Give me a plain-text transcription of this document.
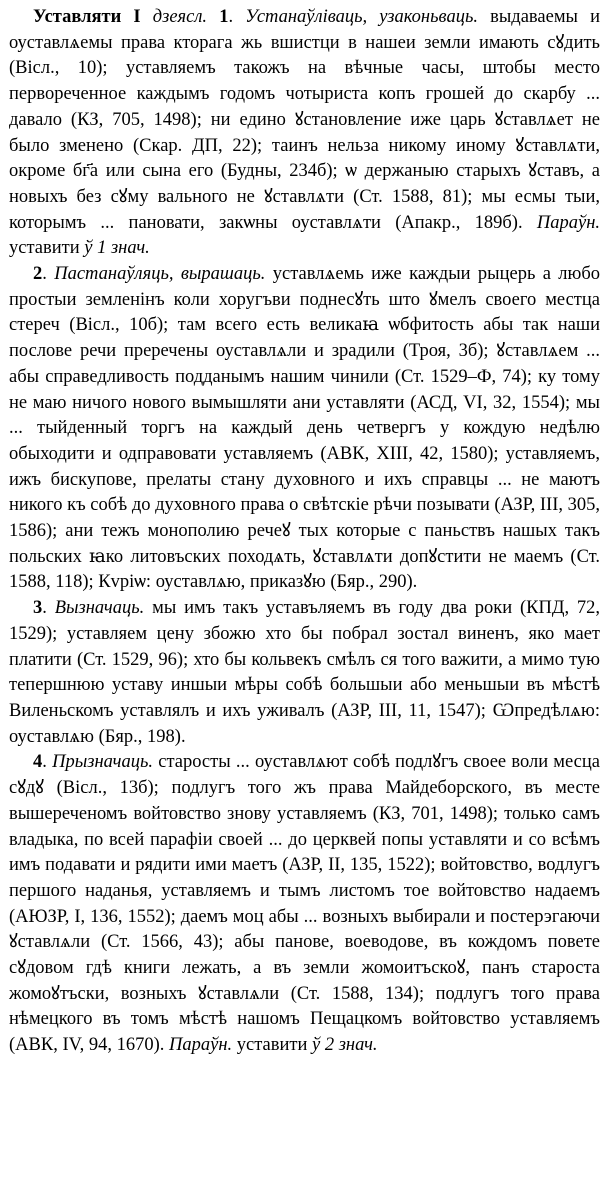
Уставляти I дзеясл. 1. Устанаўліваць, узаконьваць. выдаваемы и оуставлѧемы права кторага жь вшистци в нашеи земли имають сꙋдить (Вісл., 10); уставляемъ такожъ на вѣчные часы, штобы место первореченное каждымъ годомъ чотыриста копъ грошей до скарбу ... давало (КЗ, 705, 1498); ни едино ꙋстановление иже царь ꙋставлѧет не было зменено (Скар. ДП, 22); таинъ нельза никому иному ꙋставлѧти, окроме бг҃а или сына его (Будны, 234б); ѡ держаныю старыхъ ꙋставъ, а новыхъ без сꙋму вального не ꙋставлѧти (Ст. 1588, 81); мы есмы тыи, которымъ ... пановати, закѡны оуставлѧти (Апакр., 189б). Параўн. уставити ў 1 знач.

2. Пастанаўляць, вырашаць. уставлѧемь иже каждыи рыцерь а любо простыи земленінъ коли хоругъви поднесꙋть што ꙋмелъ своего местца стереч (Вісл., 10б); там всего есть великаꙗ ѡбфитость абы так наши послове речи преречены оуставлѧли и зрадили (Троя, 3б); ꙋставлѧем ... абы справедливость подданымъ нашим чинили (Ст. 1529–Ф, 74); ку тому не маю ничого нового вымышляти ани уставляти (АСД, VI, 32, 1554); мы ... тыйденный торгъ на каждый день четвергъ у кождую недѣлю обыходити и одправовати уставляемъ (АВК, XIII, 42, 1580); уставляемъ, ижъ бискупове, прелаты стану духовного и ихъ справцы ... не маютъ никого къ собѣ до духовного права о свѣтскіе рѣчи позывати (АЗР, III, 305, 1586); ани тежъ монополию речеꙋ тых которые с паньствъ нашых такъ польских ꙗко литовъских походѧть, ꙋставлѧти допꙋстити не маемъ (Ст. 1588, 118); Кvріѡ: оуставлѧю, приказꙋю (Бяр., 290).

3. Вызначаць. мы имъ такъ уставъляемъ въ году два роки (КПД, 72, 1529); уставляем цену збожю хто бы побрал зостал виненъ, яко мает платити (Ст. 1529, 96); хто бы кольвекъ смѣлъ ся того важити, а мимо тую тепершнюю уставу иншыи мѣры собѣ большыи або меньшыи въ мѣстѣ Виленьскомъ уставлялъ и ихъ уживалъ (АЗР, III, 11, 1547); Ѡпредѣлѧю: оуставлѧю (Бяр., 198).

4. Прызначаць. старосты ... оуставлѧют собѣ подлꙋгъ своее воли месца сꙋдꙋ (Вісл., 13б); подлугъ того жъ права Майдеборского, въ месте вышереченомъ войтовство знову уставляемъ (КЗ, 701, 1498); только самъ владыка, по всей парафіи своей ... до церквей попы уставляти и со всѣмъ имъ подавати и рядити ими маетъ (АЗР, II, 135, 1522); войтовство, водлугъ першого наданья, уставляемъ и тымъ листомъ тое войтовство надаемъ (АЮЗР, I, 136, 1552); даемъ моц абы ... возныхъ выбирали и постерэгаючи ꙋставлѧли (Ст. 1566, 43); абы панове, воеводове, въ кождомъ повете сꙋдовом гдѣ книги лежать, а въ земли жомоитъскоꙋ, панъ староста жомоꙋтъски, возныхъ ꙋставлѧли (Ст. 1588, 134); подлугъ того права нѣмецкого въ томъ мѣстѣ нашомъ Пещацкомъ войтовство уставляемъ (АВК, IV, 94, 1670). Параўн. уставити ў 2 знач.
